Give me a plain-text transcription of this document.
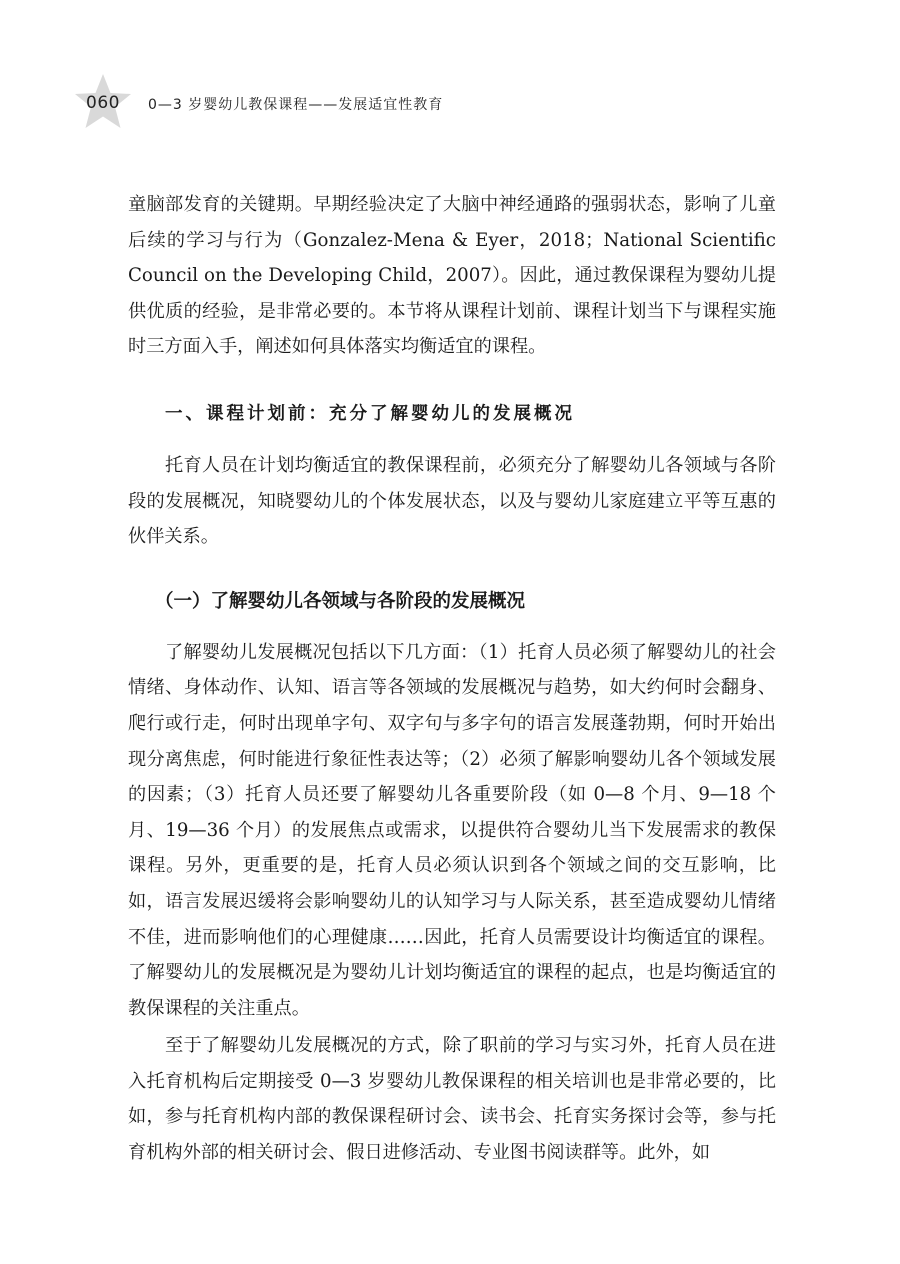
060 0—3 岁婴幼儿教保课程——发展适宜性教育

童脑部发育的关键期。早期经验决定了大脑中神经通路的强弱状态，影响了儿童后续的学习与行为（Gonzalez-Mena & Eyer，2018；National Scientific Council on the Developing Child，2007）。因此，通过教保课程为婴幼儿提供优质的经验，是非常必要的。本节将从课程计划前、课程计划当下与课程实施时三方面入手，阐述如何具体落实均衡适宜的课程。

一、课程计划前：充分了解婴幼儿的发展概况

托育人员在计划均衡适宜的教保课程前，必须充分了解婴幼儿各领域与各阶段的发展概况，知晓婴幼儿的个体发展状态，以及与婴幼儿家庭建立平等互惠的伙伴关系。

（一）了解婴幼儿各领域与各阶段的发展概况

了解婴幼儿发展概况包括以下几方面：（1）托育人员必须了解婴幼儿的社会情绪、身体动作、认知、语言等各领域的发展概况与趋势，如大约何时会翻身、爬行或行走，何时出现单字句、双字句与多字句的语言发展蓬勃期，何时开始出现分离焦虑，何时能进行象征性表达等；（2）必须了解影响婴幼儿各个领域发展的因素；（3）托育人员还要了解婴幼儿各重要阶段（如 0—8 个月、9—18 个月、19—36 个月）的发展焦点或需求，以提供符合婴幼儿当下发展需求的教保课程。另外，更重要的是，托育人员必须认识到各个领域之间的交互影响，比如，语言发展迟缓将会影响婴幼儿的认知学习与人际关系，甚至造成婴幼儿情绪不佳，进而影响他们的心理健康……因此，托育人员需要设计均衡适宜的课程。了解婴幼儿的发展概况是为婴幼儿计划均衡适宜的课程的起点，也是均衡适宜的教保课程的关注重点。

至于了解婴幼儿发展概况的方式，除了职前的学习与实习外，托育人员在进入托育机构后定期接受 0—3 岁婴幼儿教保课程的相关培训也是非常必要的，比如，参与托育机构内部的教保课程研讨会、读书会、托育实务探讨会等，参与托育机构外部的相关研讨会、假日进修活动、专业图书阅读群等。此外，如
